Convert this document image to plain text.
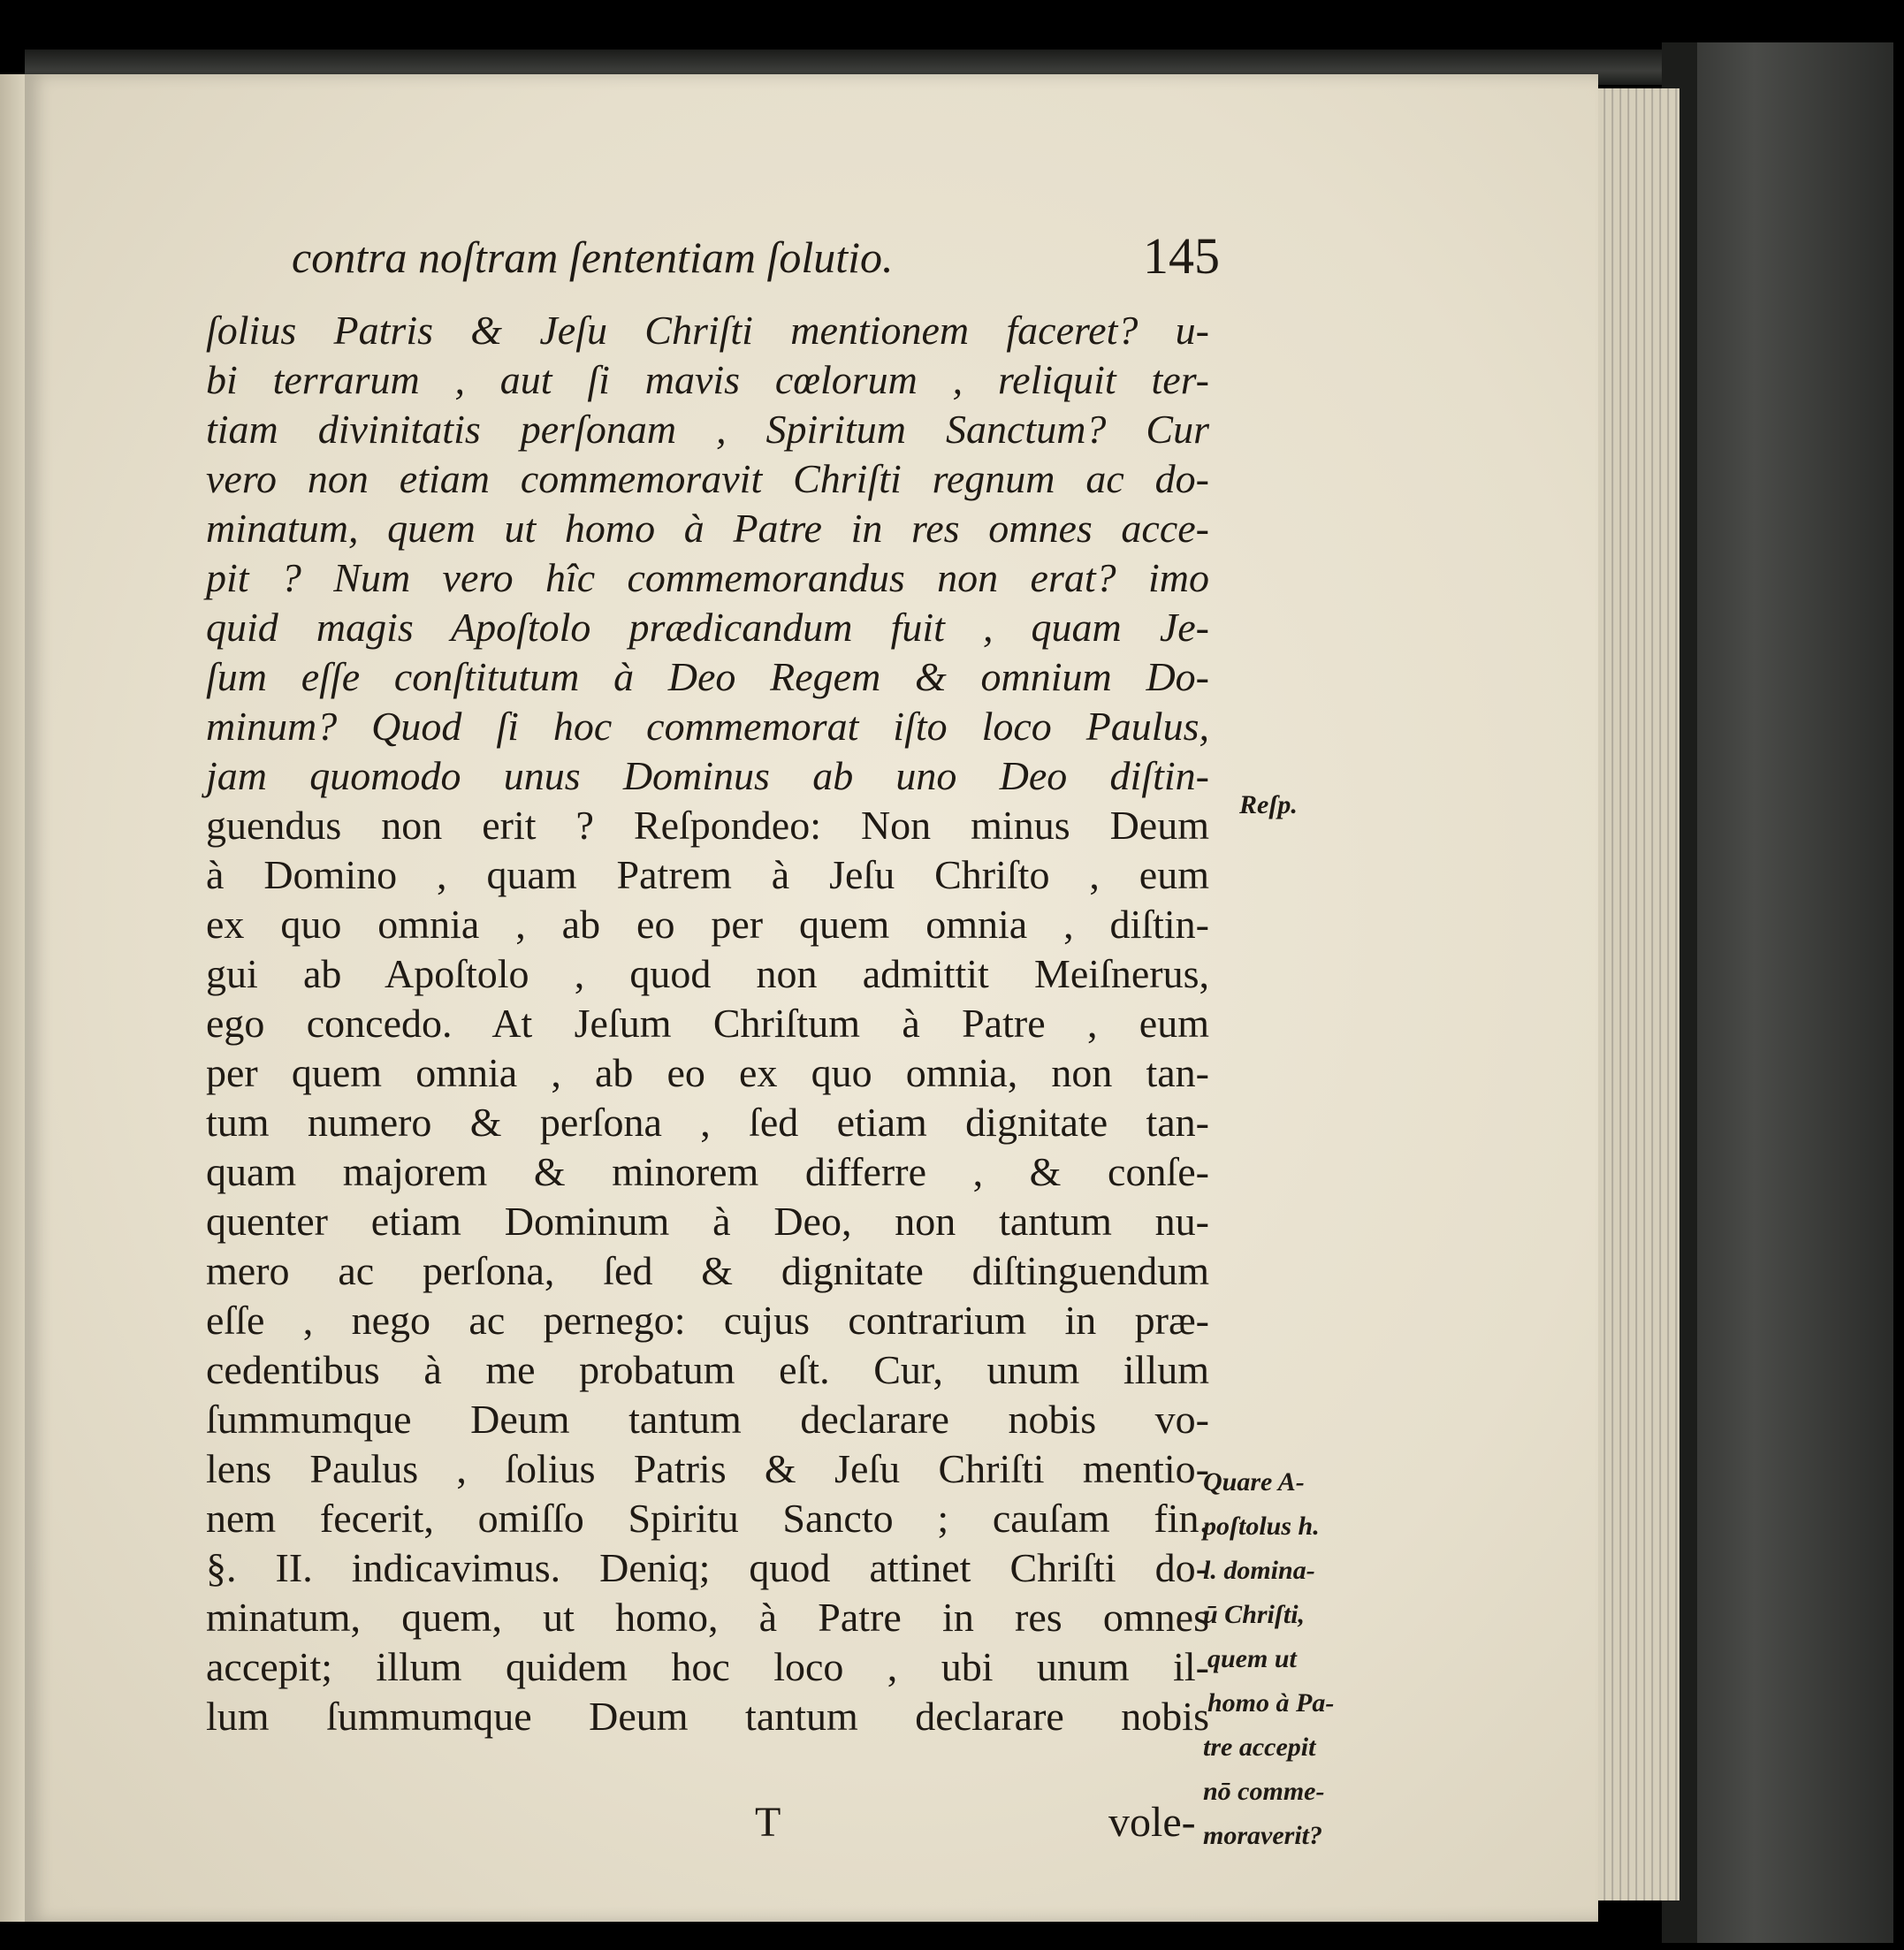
contra noſtram ſententiam ſolutio.	145
ſolius Patris & Jeſu Chriſti mentionem faceret? u-
bi terrarum , aut ſi mavis cœlorum , reliquit ter-
tiam divinitatis perſonam , Spiritum Sanctum? Cur
vero non etiam commemoravit Chriſti regnum ac do-
minatum, quem ut homo à Patre in res omnes acce-
pit ? Num vero hîc commemorandus non erat? imo
quid magis Apoſtolo prædicandum fuit , quam Je-
ſum eſſe conſtitutum à Deo Regem & omnium Do-
minum? Quod ſi hoc commemorat iſto loco Paulus,
jam quomodo unus Dominus ab uno Deo diſtin-
guendus non erit ? Reſpondeo: Non minus Deum
à Domino , quam Patrem à Jeſu Chriſto , eum
ex quo omnia , ab eo per quem omnia , diſtin-
gui ab Apoſtolo , quod non admittit Meiſnerus,
ego concedo. At Jeſum Chriſtum à Patre , eum
per quem omnia , ab eo ex quo omnia, non tan-
tum numero & perſona , ſed etiam dignitate tan-
quam majorem & minorem differre , & conſe-
quenter etiam Dominum à Deo, non tantum nu-
mero ac perſona, ſed & dignitate diſtinguendum
eſſe , nego ac pernego: cujus contrarium in præ-
cedentibus à me probatum eſt. Cur, unum illum
ſummumque Deum tantum declarare nobis vo-
lens Paulus , ſolius Patris & Jeſu Chriſti mentio-
nem fecerit, omiſſo Spiritu Sancto ; cauſam fin.
§. II. indicavimus. Deniq; quod attinet Chriſti do-
minatum, quem, ut homo, à Patre in res omnes
accepit; illum quidem hoc loco , ubi unum il-
lum ſummumque Deum tantum declarare nobis
T	vole-
Reſp.
Quare A-
poſtolus h.
l. domina-
ū Chriſti,
quem ut
homo à Pa-
tre accepit
nō comme-
moraverit?
